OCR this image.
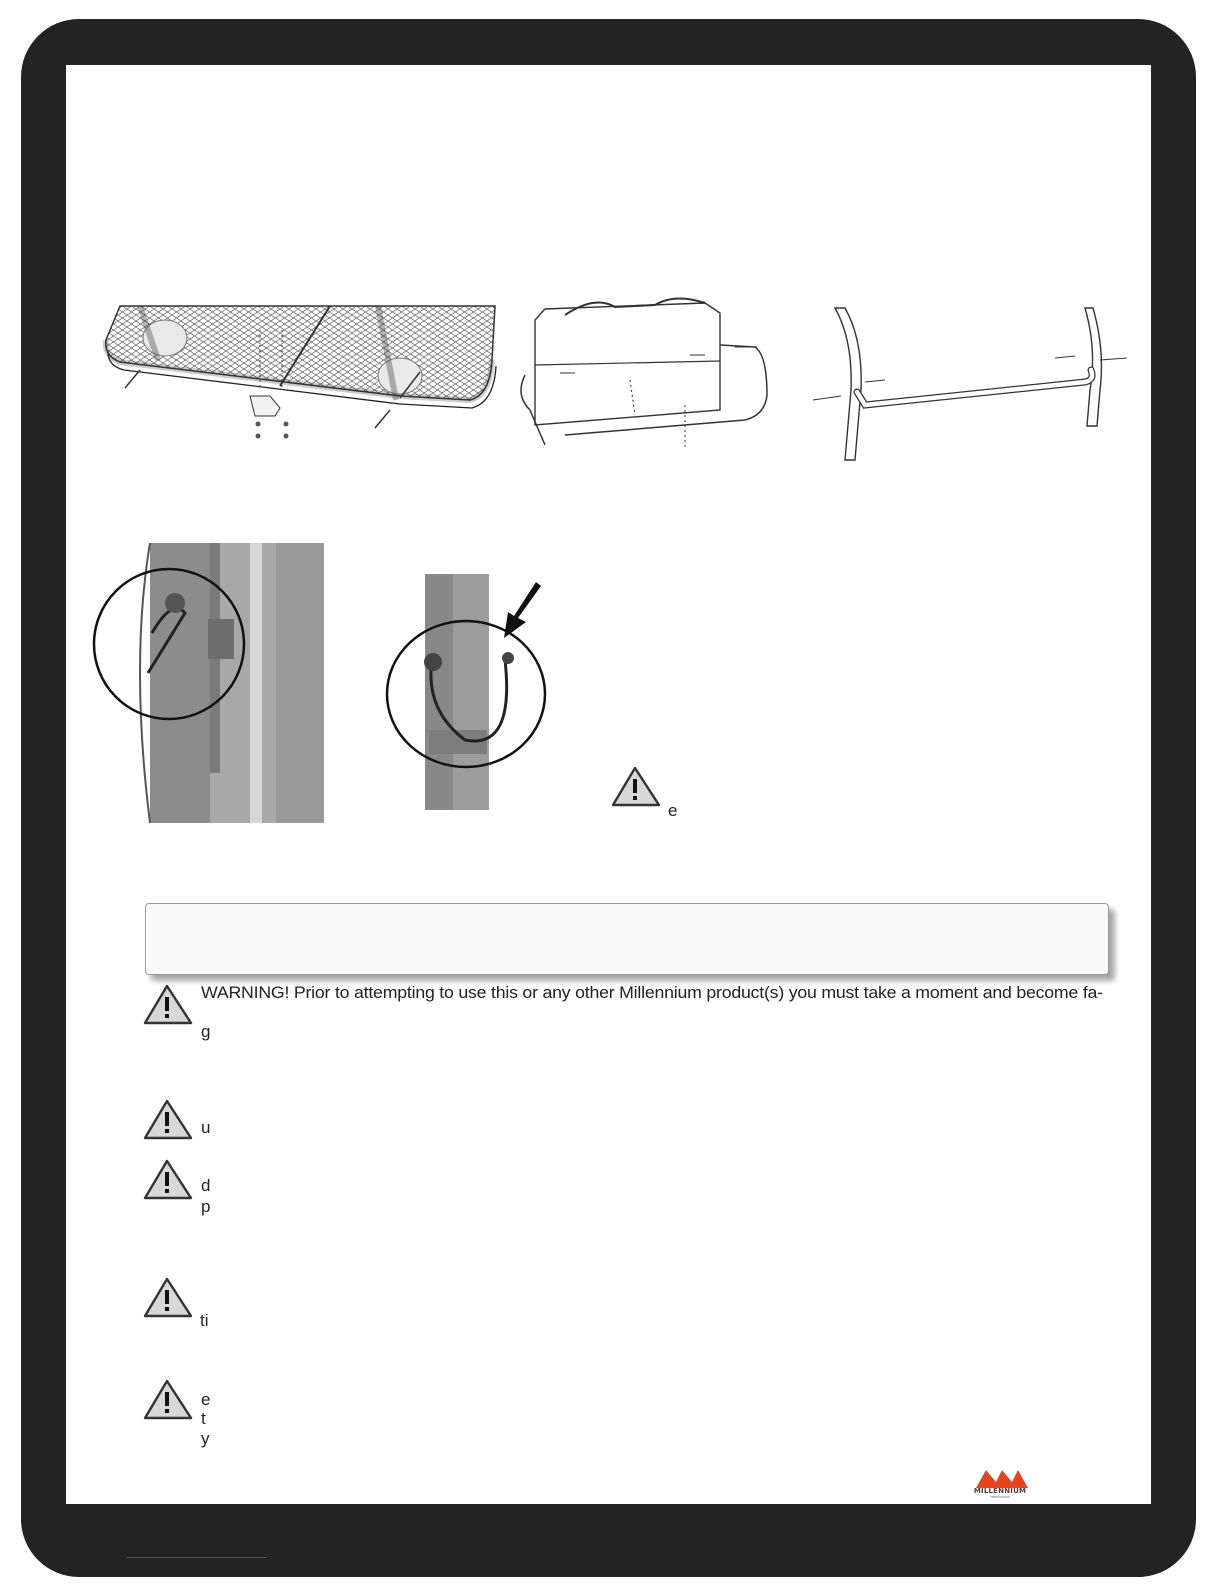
e
WARNING! Prior to attempting to use this or any other Millennium product(s) you must take a moment and become fa-
g
u
d
p
ti
e
t
y
MILLENNIUM
TREESTANDS
